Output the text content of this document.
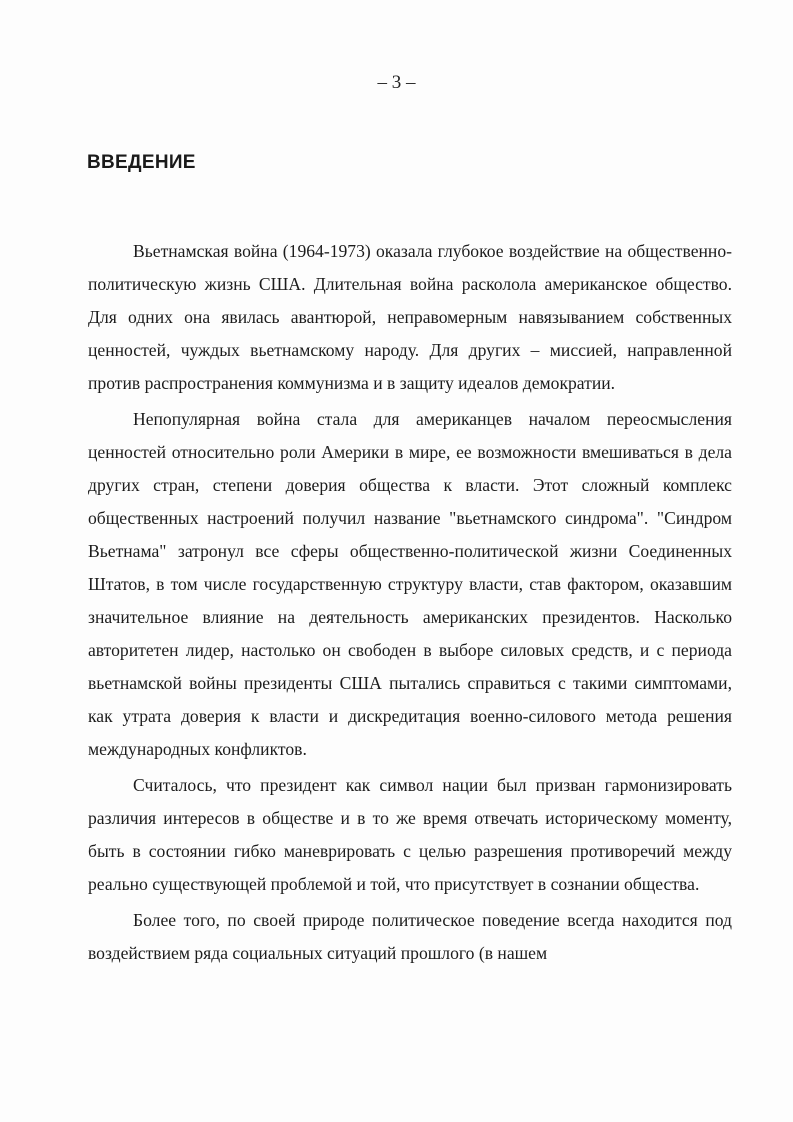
– 3 –
ВВЕДЕНИЕ

Вьетнамская война (1964-1973) оказала глубокое воздействие на общественно-политическую жизнь США. Длительная война расколола американское общество. Для одних она явилась авантюрой, неправомерным навязыванием собственных ценностей, чуждых вьетнамскому народу. Для других – миссией, направленной против распространения коммунизма и в защиту идеалов демократии.

Непопулярная война стала для американцев началом переосмысления ценностей относительно роли Америки в мире, ее возможности вмешиваться в дела других стран, степени доверия общества к власти. Этот сложный комплекс общественных настроений получил название "вьетнамского синдрома". "Синдром Вьетнама" затронул все сферы общественно-политической жизни Соединенных Штатов, в том числе государственную структуру власти, став фактором, оказавшим значительное влияние на деятельность американских президентов. Насколько авторитетен лидер, настолько он свободен в выборе силовых средств, и с периода вьетнамской войны президенты США пытались справиться с такими симптомами, как утрата доверия к власти и дискредитация военно-силового метода решения международных конфликтов.

Считалось, что президент как символ нации был призван гармонизировать различия интересов в обществе и в то же время отвечать историческому моменту, быть в состоянии гибко маневрировать с целью разрешения противоречий между реально существующей проблемой и той, что присутствует в сознании общества.

Более того, по своей природе политическое поведение всегда находится под воздействием ряда социальных ситуаций прошлого (в нашем
